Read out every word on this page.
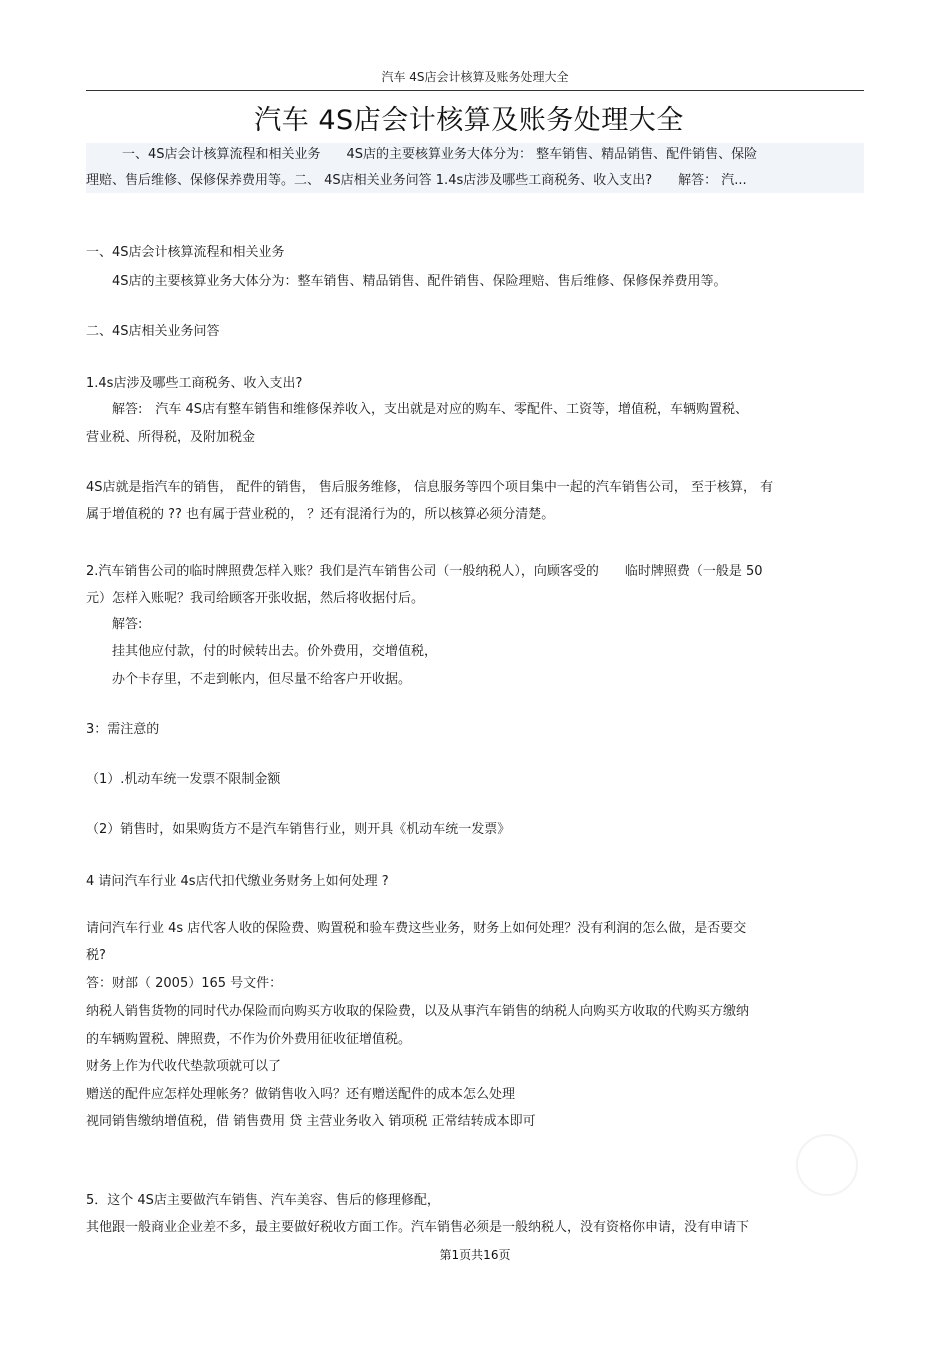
汽车 4S店会计核算及账务处理大全
汽车 4S店会计核算及账务处理大全
一、4S店会计核算流程和相关业务　　4S店的主要核算业务大体分为： 整车销售、精品销售、配件销售、保险
理赔、售后维修、保修保养费用等。二、 4S店相关业务问答 1.4s店涉及哪些工商税务、收入支出?　　解答： 汽...
一、4S店会计核算流程和相关业务
　　4S店的主要核算业务大体分为：整车销售、精品销售、配件销售、保险理赔、售后维修、保修保养费用等。
二、4S店相关业务问答
1.4s店涉及哪些工商税务、收入支出?
　　解答:　汽车 4S店有整车销售和维修保养收入，支出就是对应的购车、零配件、工资等，增值税，车辆购置税、
营业税、所得税，及附加税金
4S店就是指汽车的销售， 配件的销售， 售后服务维修， 信息服务等四个项目集中一起的汽车销售公司， 至于核算， 有
属于增值税的 ?? 也有属于营业税的， ？还有混淆行为的，所以核算必须分清楚。
2.汽车销售公司的临时牌照费怎样入账？我们是汽车销售公司（一般纳税人），向顾客受的　　临时牌照费（一般是 50
元）怎样入账呢？我司给顾客开张收据，然后将收据付后。
　　解答:
　　挂其他应付款，付的时候转出去。价外费用，交增值税，
　　办个卡存里，不走到帐内，但尽量不给客户开收据。
3：需注意的
（1）.机动车统一发票不限制金额
（2）销售时，如果购货方不是汽车销售行业，则开具《机动车统一发票》
4 请问汽车行业 4s店代扣代缴业务财务上如何处理 ?
请问汽车行业 4s 店代客人收的保险费、购置税和验车费这些业务，财务上如何处理？没有利润的怎么做，是否要交
税?
答：财部（ 2005）165 号文件：
纳税人销售货物的同时代办保险而向购买方收取的保险费，以及从事汽车销售的纳税人向购买方收取的代购买方缴纳
的车辆购置税、牌照费，不作为价外费用征收征增值税。
财务上作为代收代垫款项就可以了
赠送的配件应怎样处理帐务？做销售收入吗？还有赠送配件的成本怎么处理
视同销售缴纳增值税，借 销售费用 贷 主营业务收入 销项税 正常结转成本即可
5．这个 4S店主要做汽车销售、汽车美容、售后的修理修配，
其他跟一般商业企业差不多，最主要做好税收方面工作。汽车销售必须是一般纳税人，没有资格你申请，没有申请下
第1页共16页
